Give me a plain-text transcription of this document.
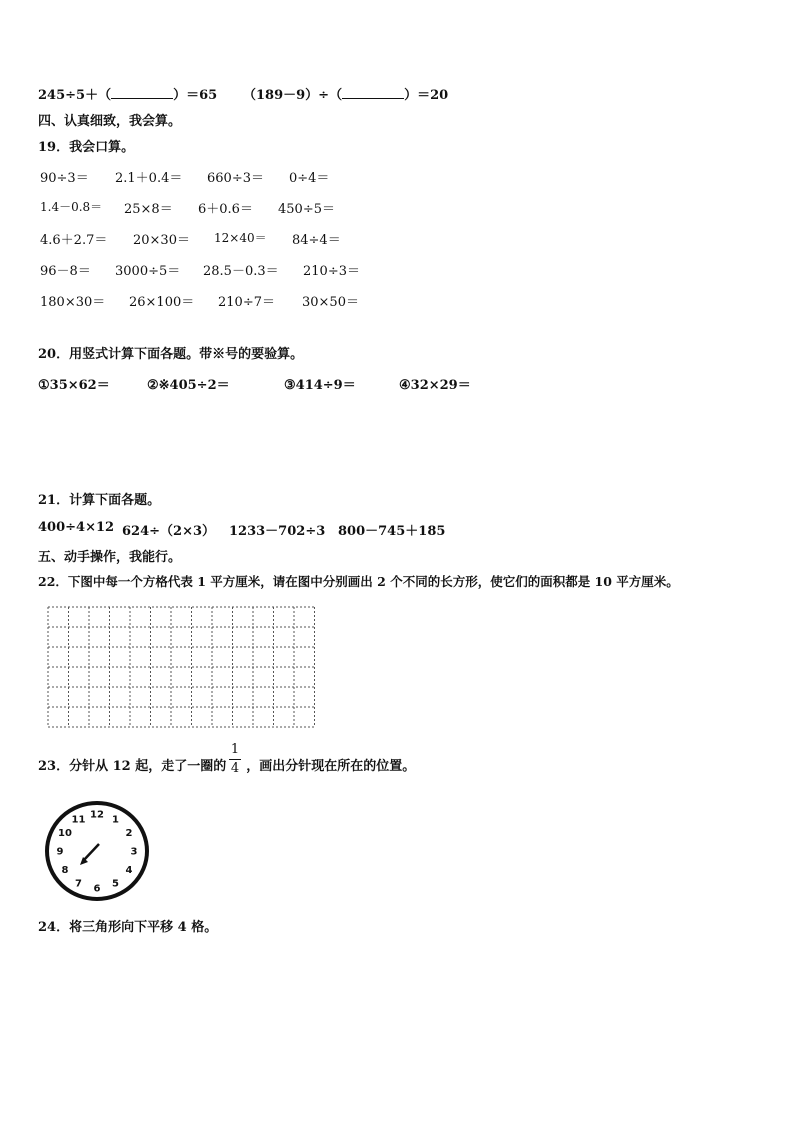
245÷5＋（	）＝65 （189－9）÷（	）＝20
四、认真细致，我会算。
19．我会口算。
90÷3＝ 2.1＋0.4＝ 660÷3＝ 0÷4＝
1.4－0.8＝ 25×8＝ 6＋0.6＝ 450÷5＝
4.6＋2.7＝ 20×30＝ 12×40＝ 84÷4＝
96－8＝ 3000÷5＝ 28.5－0.3＝ 210÷3＝
180×30＝ 26×100＝ 210÷7＝ 30×50＝
20．用竖式计算下面各题。带※号的要验算。
①35×62＝	②※405÷2＝	③414÷9＝	④32×29＝
21．计算下面各题。
400÷4×12 624÷（2×3） 1233－702÷3 800－745＋185
五、动手操作，我能行。
22．下图中每一个方格代表 1 平方厘米，请在图中分别画出 2 个不同的长方形，使它们的面积都是 10 平方厘米。
23．分针从 12 起，走了一圈的 ，画出分针现在所在的位置。
1
4
12 1
2
3
4
5
6
7
8
9
10
11
24．将三角形向下平移 4 格。
